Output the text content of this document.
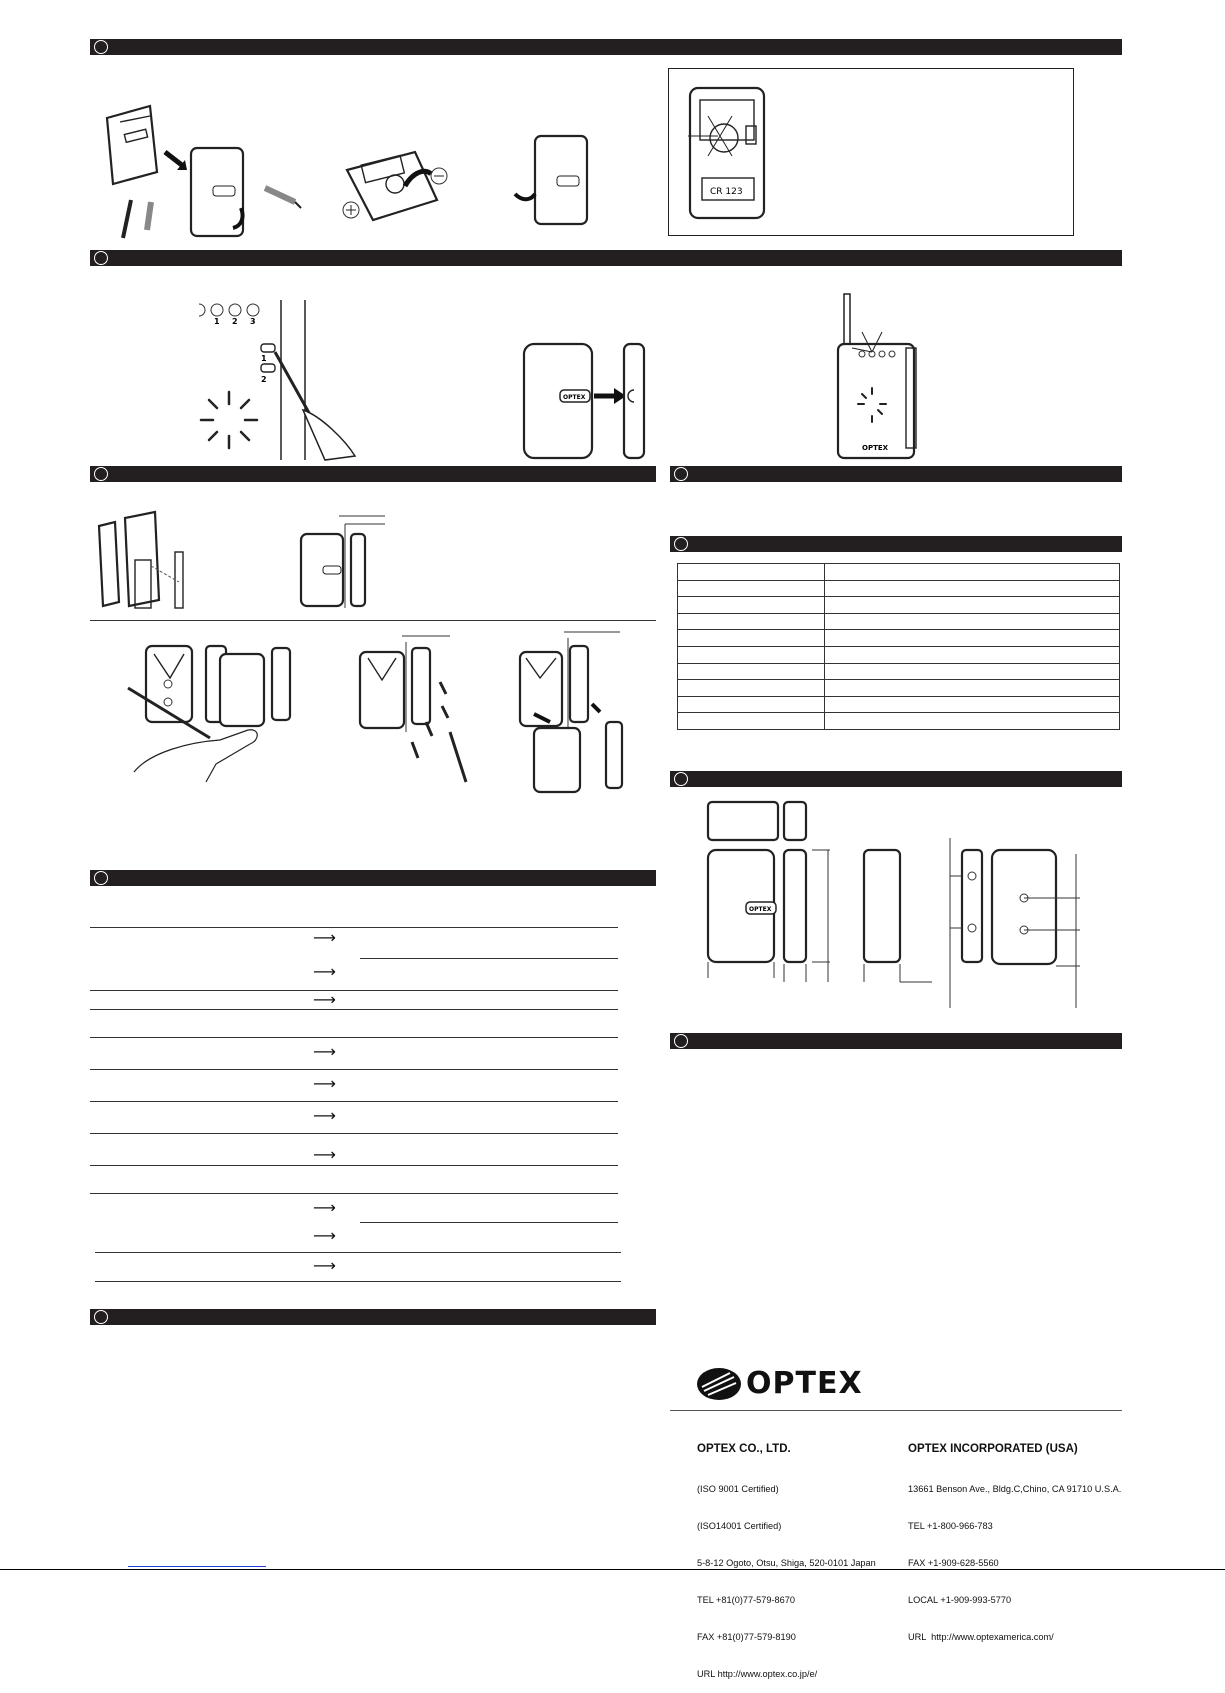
CR 123
1 2 3
1
2
OPTEX
OPTEX

OPTEX
⟶
⟶
⟶
⟶
⟶
⟶
⟶
⟶
⟶
⟶
OPTEX

OPTEX CO., LTD.

(ISO 9001 Certified)

(ISO14001 Certified)

5-8-12 Ogoto, Otsu, Shiga, 520-0101 Japan

TEL +81(0)77-579-8670

FAX +81(0)77-579-8190

URL http://www.optex.co.jp/e/

OPTEX INCORPORATED (USA)

13661 Benson Ave., Bldg.C,Chino, CA 91710 U.S.A.

TEL +1-800-966-783

FAX +1-909-628-5560

LOCAL +1-909-993-5770

URL  http://www.optexamerica.com/
